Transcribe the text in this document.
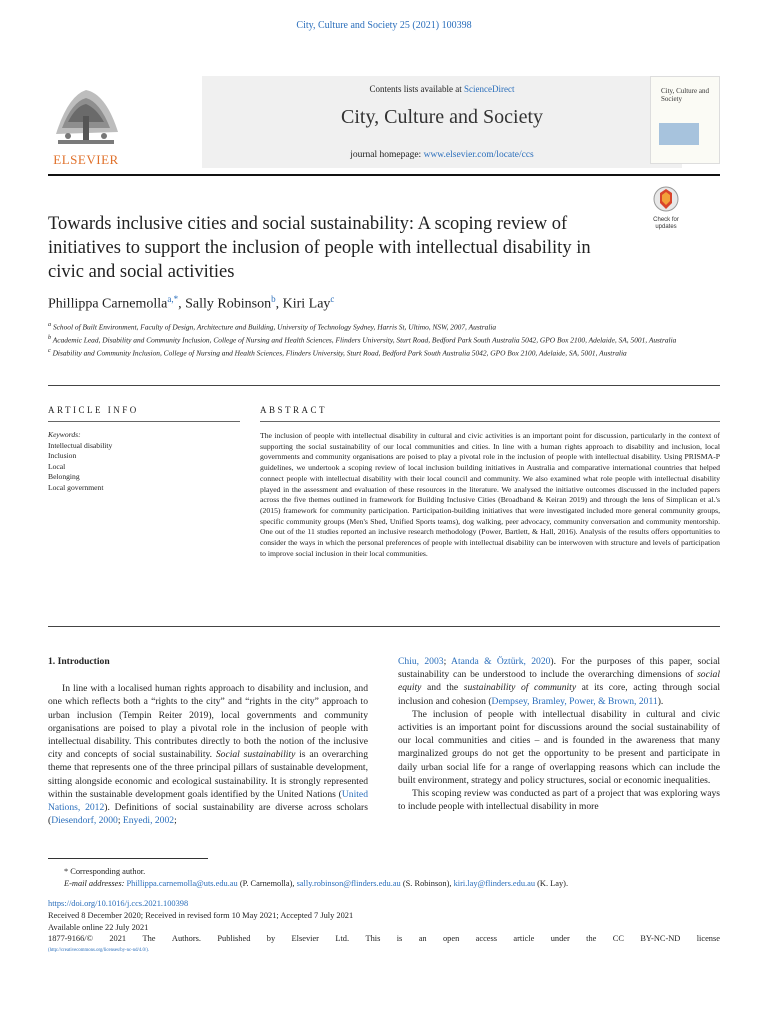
City, Culture and Society 25 (2021) 100398
ELSEVIER
Contents lists available at ScienceDirect
City, Culture and Society
journal homepage: www.elsevier.com/locate/ccs
City, Culture and Society
Towards inclusive cities and social sustainability: A scoping review of initiatives to support the inclusion of people with intellectual disability in civic and social activities
Check for
updates
Phillippa Carnemolla$^{a,*}$, Sally Robinson$^b$, Kiri Lay$^c$

$^a$ School of Built Environment, Faculty of Design, Architecture and Building, University of Technology Sydney, Harris St, Ultimo, NSW, 2007, Australia

$^b$ Academic Lead, Disability and Community Inclusion, College of Nursing and Health Sciences, Flinders University, Sturt Road, Bedford Park South Australia 5042, GPO Box 2100, Adelaide, SA, 5001, Australia

$^c$ Disability and Community Inclusion, College of Nursing and Health Sciences, Flinders University, Sturt Road, Bedford Park South Australia 5042, GPO Box 2100, Adelaide, SA, 5001, Australia

ARTICLE INFO	ABSTRACT
Keywords:
Intellectual disability
Inclusion
Local
Belonging
Local government
The inclusion of people with intellectual disability in cultural and civic activities is an important point for discussion, particularly in the context of supporting the social sustainability of our local communities and cities. In line with a human rights approach to disability and inclusion, local governments and community organisations are poised to play a pivotal role in the inclusion of people with intellectual disability. Using PRISMA-P guidelines, we undertook a scoping review of local inclusion building initiatives in Australia and comparative international countries that helped connect people with intellectual disability with their local council and community. We also examined what role people with intellectual disability played in the assessment and evaluation of these resources in the literature. We analysed the initiative outcomes discussed in the included papers across the five themes outlined in framework for Building Inclusive Cities (Broadband & Keiran 2019) and through the lens of Simplican et al.'s (2015) framework for community participation. Participation-building initiatives that were investigated included more general community groups, specific community groups (Men's Shed, Unified Sports teams), dog walking, peer advocacy, community conversation and community mentorship. One out of the 11 studies reported an inclusive research methodology (Power, Bartlett, & Hall, 2016). Analysis of the results offers opportunities to consider the ways in which the personal preferences of people with intellectual disability can be interwoven with structure and levels of participation to improve social inclusion in their local communities.

1. Introduction

In line with a localised human rights approach to disability and inclusion, and one which reflects both a “rights to the city” and “rights in the city” approach to urban inclusion (Tempin Reiter 2019), local governments and community organisations are poised to play a pivotal role in the inclusion of people with intellectual disability. This contributes directly to both the notion of the inclusive city and concepts of social sustainability. Social sustainability is an overarching theme that represents one of the three principal pillars of sustainable development, sitting alongside economic and ecological sustainability. It is strongly represented within the sustainable development goals identified by the United Nations (United Nations, 2012). Definitions of social sustainability are diverse across scholars (Diesendorf, 2000; Enyedi, 2002;

Chiu, 2003; Atanda & Öztürk, 2020). For the purposes of this paper, social sustainability can be understood to include the overarching dimensions of social equity and the sustainability of community at its core, acting through social inclusion and cohesion (Dempsey, Bramley, Power, & Brown, 2011).

The inclusion of people with intellectual disability in cultural and civic activities is an important point for discussions around the social sustainability of our local communities and cities – and is founded in the awareness that many marginalized groups do not get the opportunity to be present and participate in daily urban social life for a range of overlapping reasons which can include the built environment, strategy and policy structures, social or economic inequalities.

This scoping review was conducted as part of a project that was exploring ways to include people with intellectual disability in more

* Corresponding author.

E-mail addresses: Phillippa.carnemolla@uts.edu.au (P. Carnemolla), sally.robinson@flinders.edu.au (S. Robinson), kiri.lay@flinders.edu.au (K. Lay).

https://doi.org/10.1016/j.ccs.2021.100398

Received 8 December 2020; Received in revised form 10 May 2021; Accepted 7 July 2021

Available online 22 July 2021

1877-9166/© 2021 The Authors. Published by Elsevier Ltd. This is an open access article under the CC BY-NC-ND license

(http://creativecommons.org/licenses/by-nc-nd/4.0/).
